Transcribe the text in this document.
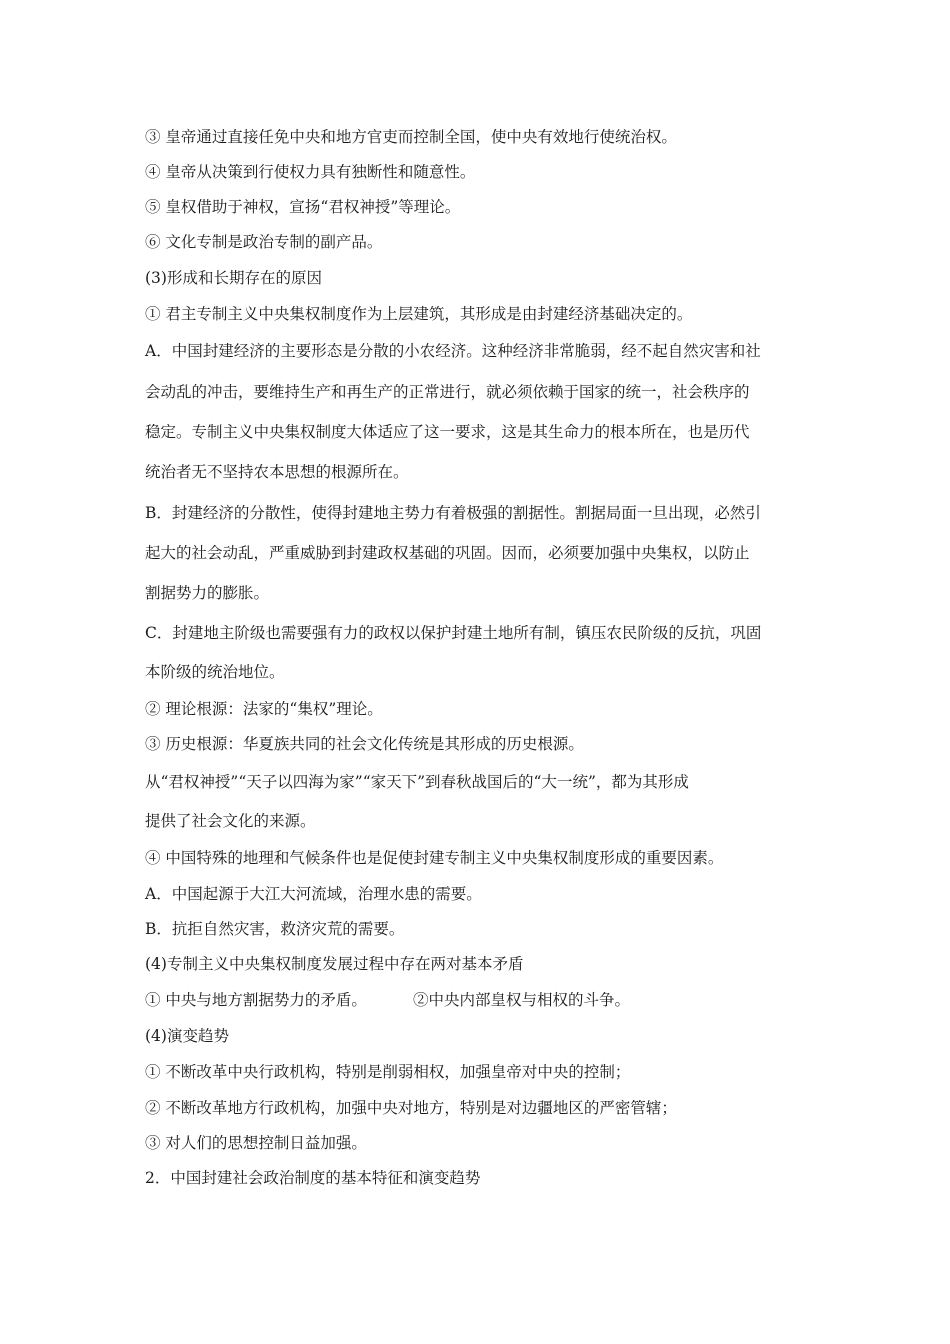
③ 皇帝通过直接任免中央和地方官吏而控制全国，使中央有效地行使统治权。
④ 皇帝从决策到行使权力具有独断性和随意性。
⑤ 皇权借助于神权，宣扬“君权神授”等理论。
⑥ 文化专制是政治专制的副产品。
(3)形成和长期存在的原因
① 君主专制主义中央集权制度作为上层建筑，其形成是由封建经济基础决定的。
A．中国封建经济的主要形态是分散的小农经济。这种经济非常脆弱，经不起自然灾害和社
会动乱的冲击，要维持生产和再生产的正常进行，就必须依赖于国家的统一，社会秩序的
稳定。专制主义中央集权制度大体适应了这一要求，这是其生命力的根本所在，也是历代
统治者无不坚持农本思想的根源所在。
B．封建经济的分散性，使得封建地主势力有着极强的割据性。割据局面一旦出现，必然引
起大的社会动乱，严重威胁到封建政权基础的巩固。因而，必须要加强中央集权，以防止
割据势力的膨胀。
C．封建地主阶级也需要强有力的政权以保护封建土地所有制，镇压农民阶级的反抗，巩固
本阶级的统治地位。
② 理论根源：法家的“集权”理论。
③ 历史根源：华夏族共同的社会文化传统是其形成的历史根源。
从“君权神授”“天子以四海为家”“家天下”到春秋战国后的“大一统”，都为其形成
提供了社会文化的来源。
④ 中国特殊的地理和气候条件也是促使封建专制主义中央集权制度形成的重要因素。
A．中国起源于大江大河流域，治理水患的需要。
B．抗拒自然灾害，救济灾荒的需要。
(4)专制主义中央集权制度发展过程中存在两对基本矛盾
① 中央与地方割据势力的矛盾。	②中央内部皇权与相权的斗争。
(4)演变趋势
① 不断改革中央行政机构，特别是削弱相权，加强皇帝对中央的控制；
② 不断改革地方行政机构，加强中央对地方，特别是对边疆地区的严密管辖；
③ 对人们的思想控制日益加强。
2．中国封建社会政治制度的基本特征和演变趋势
